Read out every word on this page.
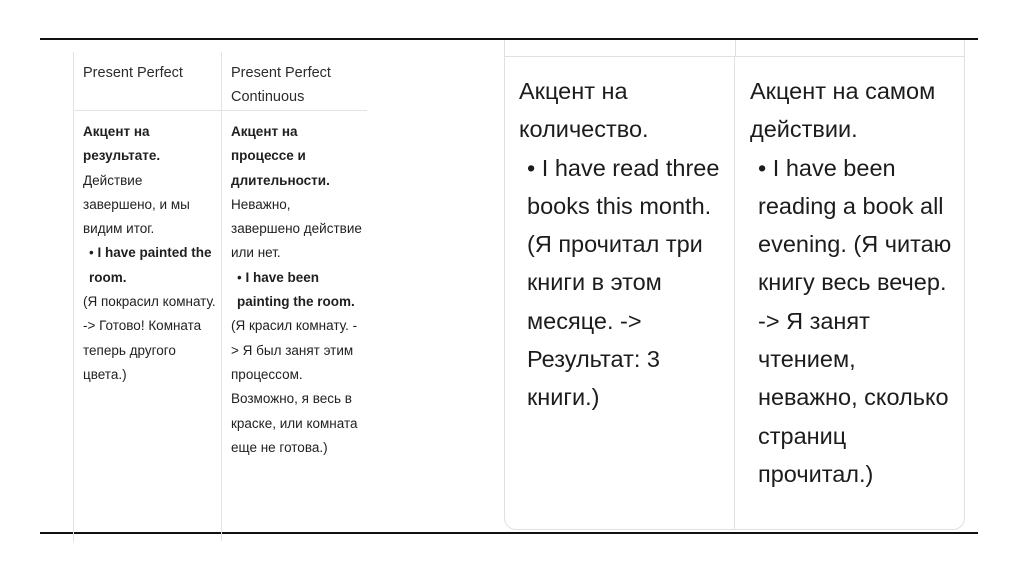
Present Perfect	Present Perfect Continuous
Акцент на результате. Действие завершено, и мы видим итог.
• I have painted the room.
(Я покрасил комнату. -> Готово! Комната теперь другого цвета.)
Акцент на процессе и длительности. Неважно, завершено действие или нет.
• I have been painting the room.
(Я красил комнату. -> Я был занят этим процессом. Возможно, я весь в краске, или комната еще не готова.)
Акцент на количество.
• I have read three books this month. (Я прочитал три книги в этом месяце. -> Результат: 3 книги.)
Акцент на самом действии.
• I have been reading a book all evening. (Я читаю книгу весь вечер. -> Я занят чтением, неважно, сколько страниц прочитал.)
